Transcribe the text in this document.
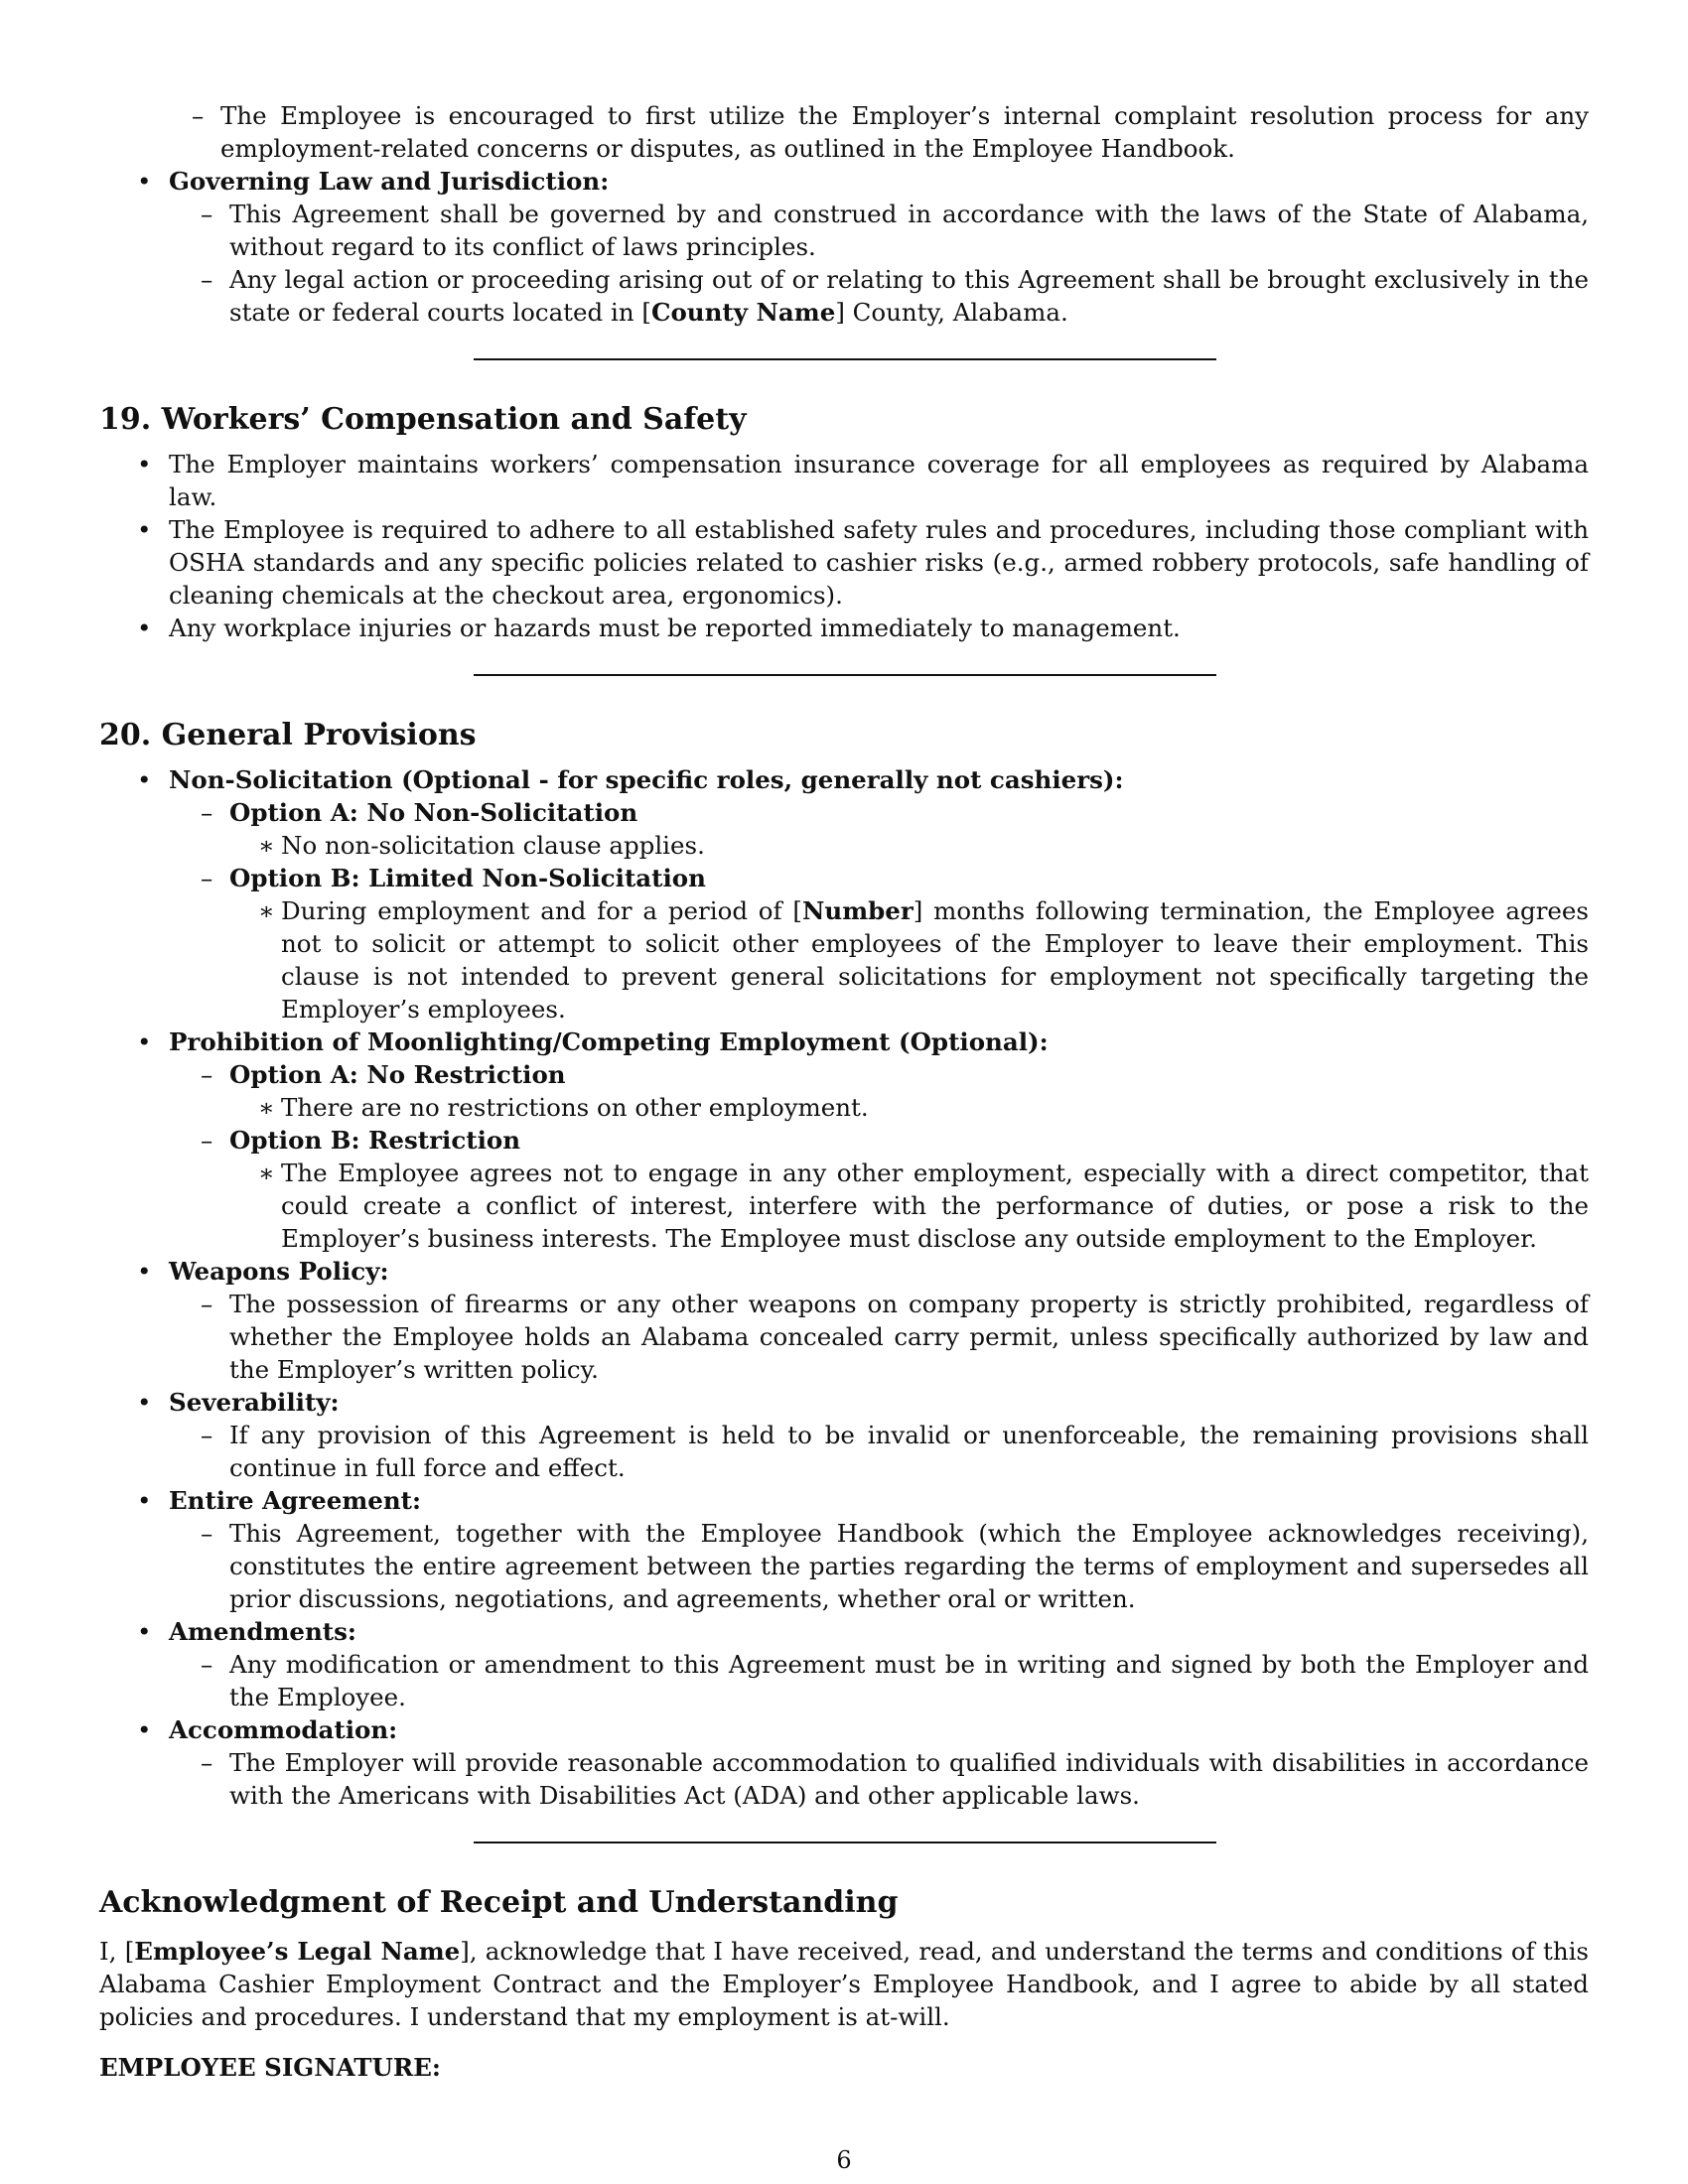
– The Employee is encouraged to first utilize the Employer’s internal complaint resolution process for any employment-related concerns or disputes, as outlined in the Employee Handbook.
• Governing Law and Jurisdiction:
– This Agreement shall be governed by and construed in accordance with the laws of the State of Alabama, without regard to its conflict of laws principles.
– Any legal action or proceeding arising out of or relating to this Agreement shall be brought exclusively in the state or federal courts located in [County Name] County, Alabama.
19. Workers’ Compensation and Safety
• The Employer maintains workers’ compensation insurance coverage for all employees as required by Alabama law.
• The Employee is required to adhere to all established safety rules and procedures, including those compliant with OSHA standards and any specific policies related to cashier risks (e.g., armed robbery protocols, safe handling of cleaning chemicals at the checkout area, ergonomics).
• Any workplace injuries or hazards must be reported immediately to management.
20. General Provisions
• Non-Solicitation (Optional - for specific roles, generally not cashiers):
– Option A: No Non-Solicitation
∗ No non-solicitation clause applies.
– Option B: Limited Non-Solicitation
∗ During employment and for a period of [Number] months following termination, the Employee agrees not to solicit or attempt to solicit other employees of the Employer to leave their employment. This clause is not intended to prevent general solicitations for employment not specifically targeting the Employer’s employees.
• Prohibition of Moonlighting/Competing Employment (Optional):
– Option A: No Restriction
∗ There are no restrictions on other employment.
– Option B: Restriction
∗ The Employee agrees not to engage in any other employment, especially with a direct competitor, that could create a conflict of interest, interfere with the performance of duties, or pose a risk to the Employer’s business interests. The Employee must disclose any outside employment to the Employer.
• Weapons Policy:
– The possession of firearms or any other weapons on company property is strictly prohibited, regardless of whether the Employee holds an Alabama concealed carry permit, unless specifically authorized by law and the Employer’s written policy.
• Severability:
– If any provision of this Agreement is held to be invalid or unenforceable, the remaining provisions shall continue in full force and effect.
• Entire Agreement:
– This Agreement, together with the Employee Handbook (which the Employee acknowledges receiving), constitutes the entire agreement between the parties regarding the terms of employment and supersedes all prior discussions, negotiations, and agreements, whether oral or written.
• Amendments:
– Any modification or amendment to this Agreement must be in writing and signed by both the Employer and the Employee.
• Accommodation:
– The Employer will provide reasonable accommodation to qualified individuals with disabilities in accordance with the Americans with Disabilities Act (ADA) and other applicable laws.
Acknowledgment of Receipt and Understanding

I, [Employee’s Legal Name], acknowledge that I have received, read, and understand the terms and conditions of this Alabama Cashier Employment Contract and the Employer’s Employee Handbook, and I agree to abide by all stated policies and procedures. I understand that my employment is at-will.

EMPLOYEE SIGNATURE:

6
